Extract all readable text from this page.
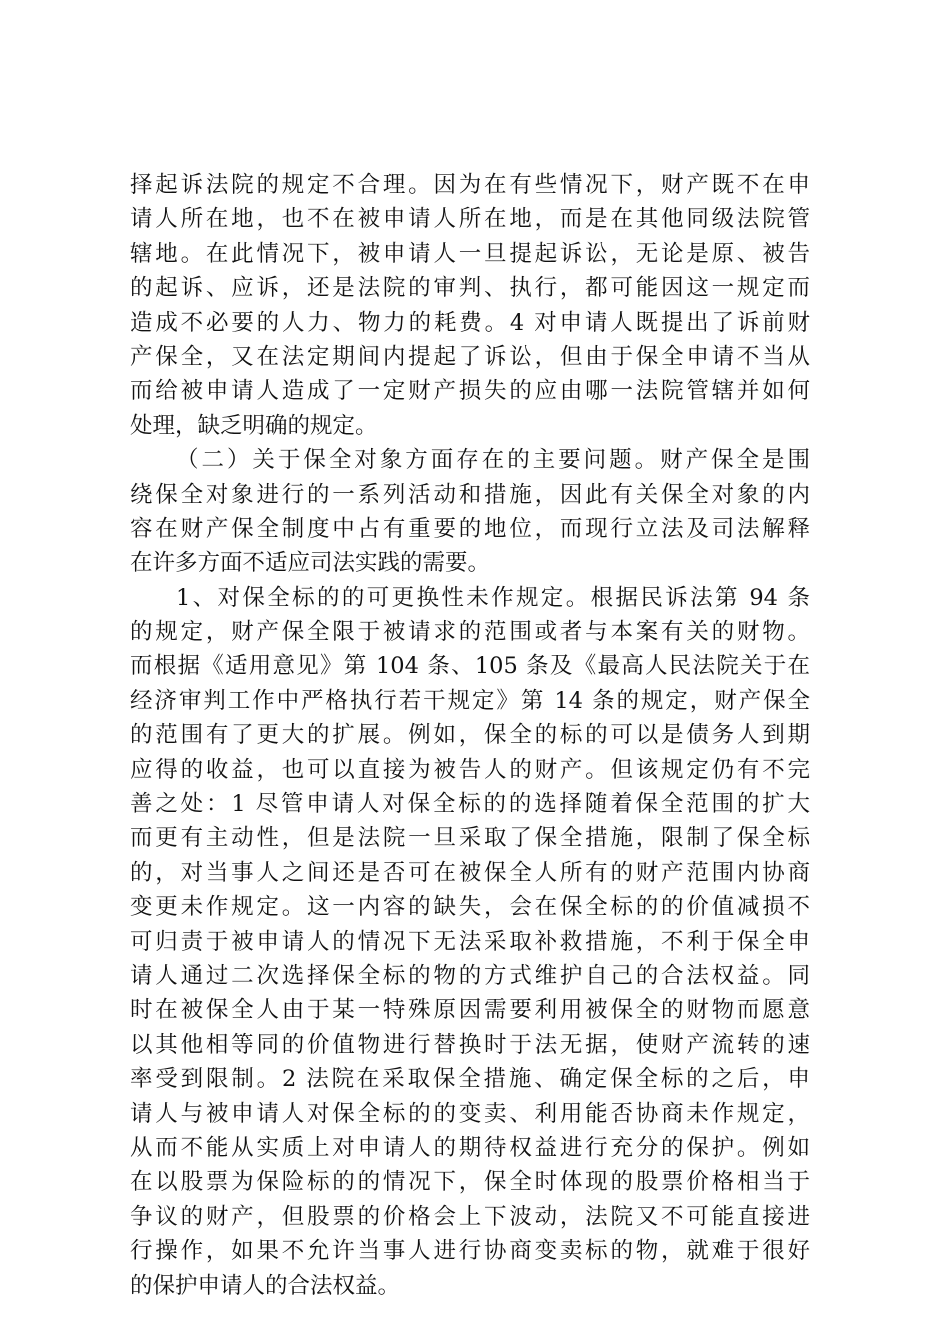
择起诉法院的规定不合理。因为在有些情况下，财产既不在申
请人所在地，也不在被申请人所在地，而是在其他同级法院管
辖地。在此情况下，被申请人一旦提起诉讼，无论是原、被告
的起诉、应诉，还是法院的审判、执行，都可能因这一规定而
造成不必要的人力、物力的耗费。4 对申请人既提出了诉前财
产保全，又在法定期间内提起了诉讼，但由于保全申请不当从
而给被申请人造成了一定财产损失的应由哪一法院管辖并如何
处理，缺乏明确的规定。
（二）关于保全对象方面存在的主要问题。财产保全是围
绕保全对象进行的一系列活动和措施，因此有关保全对象的内
容在财产保全制度中占有重要的地位，而现行立法及司法解释
在许多方面不适应司法实践的需要。
1、对保全标的的可更换性未作规定。根据民诉法第 94 条
的规定，财产保全限于被请求的范围或者与本案有关的财物。
而根据《适用意见》第 104 条、105 条及《最高人民法院关于在
经济审判工作中严格执行若干规定》第 14 条的规定，财产保全
的范围有了更大的扩展。例如，保全的标的可以是债务人到期
应得的收益，也可以直接为被告人的财产。但该规定仍有不完
善之处：1 尽管申请人对保全标的的选择随着保全范围的扩大
而更有主动性，但是法院一旦采取了保全措施，限制了保全标
的，对当事人之间还是否可在被保全人所有的财产范围内协商
变更未作规定。这一内容的缺失，会在保全标的的价值减损不
可归责于被申请人的情况下无法采取补救措施，不利于保全申
请人通过二次选择保全标的物的方式维护自己的合法权益。同
时在被保全人由于某一特殊原因需要利用被保全的财物而愿意
以其他相等同的价值物进行替换时于法无据，使财产流转的速
率受到限制。2 法院在采取保全措施、确定保全标的之后，申
请人与被申请人对保全标的的变卖、利用能否协商未作规定，
从而不能从实质上对申请人的期待权益进行充分的保护。例如
在以股票为保险标的的情况下，保全时体现的股票价格相当于
争议的财产，但股票的价格会上下波动，法院又不可能直接进
行操作，如果不允许当事人进行协商变卖标的物，就难于很好
的保护申请人的合法权益。
